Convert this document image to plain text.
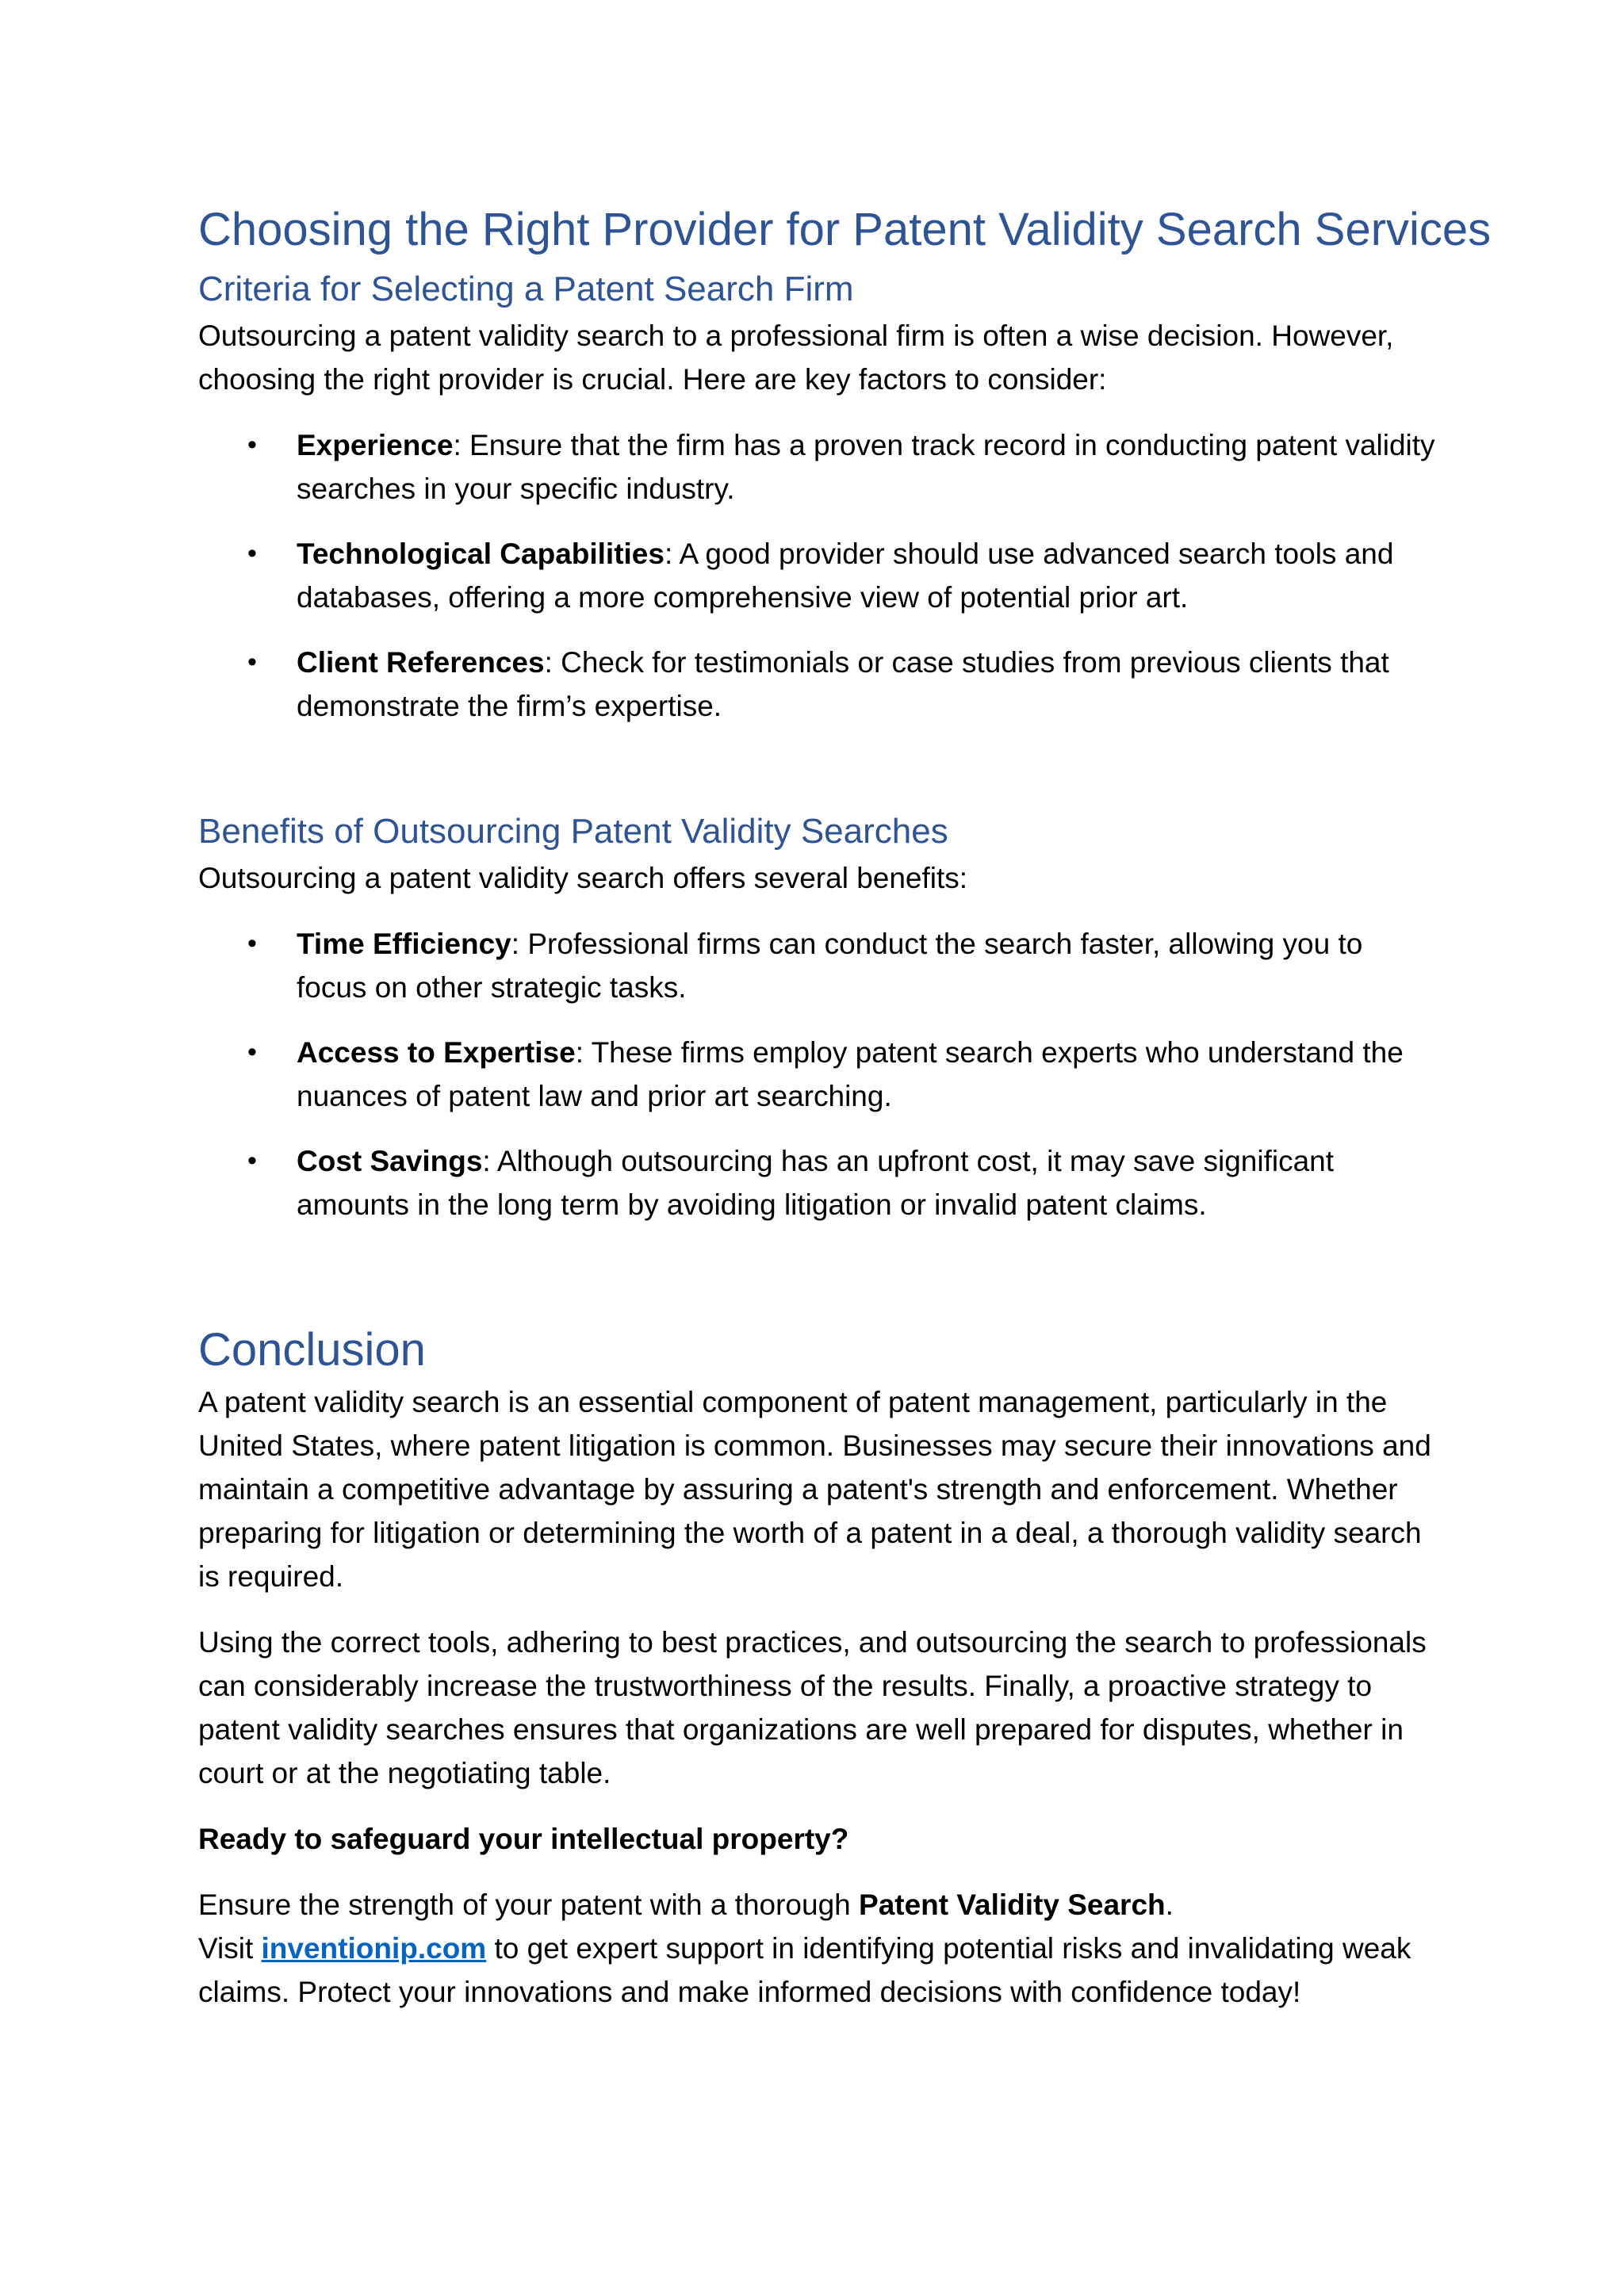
Choosing the Right Provider for Patent Validity Search Services
Criteria for Selecting a Patent Search Firm

Outsourcing a patent validity search to a professional firm is often a wise decision. However, choosing the right provider is crucial. Here are key factors to consider:

• Experience: Ensure that the firm has a proven track record in conducting patent validity searches in your specific industry.
• Technological Capabilities: A good provider should use advanced search tools and databases, offering a more comprehensive view of potential prior art.
• Client References: Check for testimonials or case studies from previous clients that demonstrate the firm’s expertise.
Benefits of Outsourcing Patent Validity Searches

Outsourcing a patent validity search offers several benefits:

• Time Efficiency: Professional firms can conduct the search faster, allowing you to focus on other strategic tasks.
• Access to Expertise: These firms employ patent search experts who understand the nuances of patent law and prior art searching.
• Cost Savings: Although outsourcing has an upfront cost, it may save significant amounts in the long term by avoiding litigation or invalid patent claims.
Conclusion

A patent validity search is an essential component of patent management, particularly in the United States, where patent litigation is common. Businesses may secure their innovations and maintain a competitive advantage by assuring a patent's strength and enforcement. Whether preparing for litigation or determining the worth of a patent in a deal, a thorough validity search is required.

Using the correct tools, adhering to best practices, and outsourcing the search to professionals can considerably increase the trustworthiness of the results. Finally, a proactive strategy to patent validity searches ensures that organizations are well prepared for disputes, whether in court or at the negotiating table.

Ready to safeguard your intellectual property?

Ensure the strength of your patent with a thorough Patent Validity Search.
Visit inventionip.com to get expert support in identifying potential risks and invalidating weak claims. Protect your innovations and make informed decisions with confidence today!
